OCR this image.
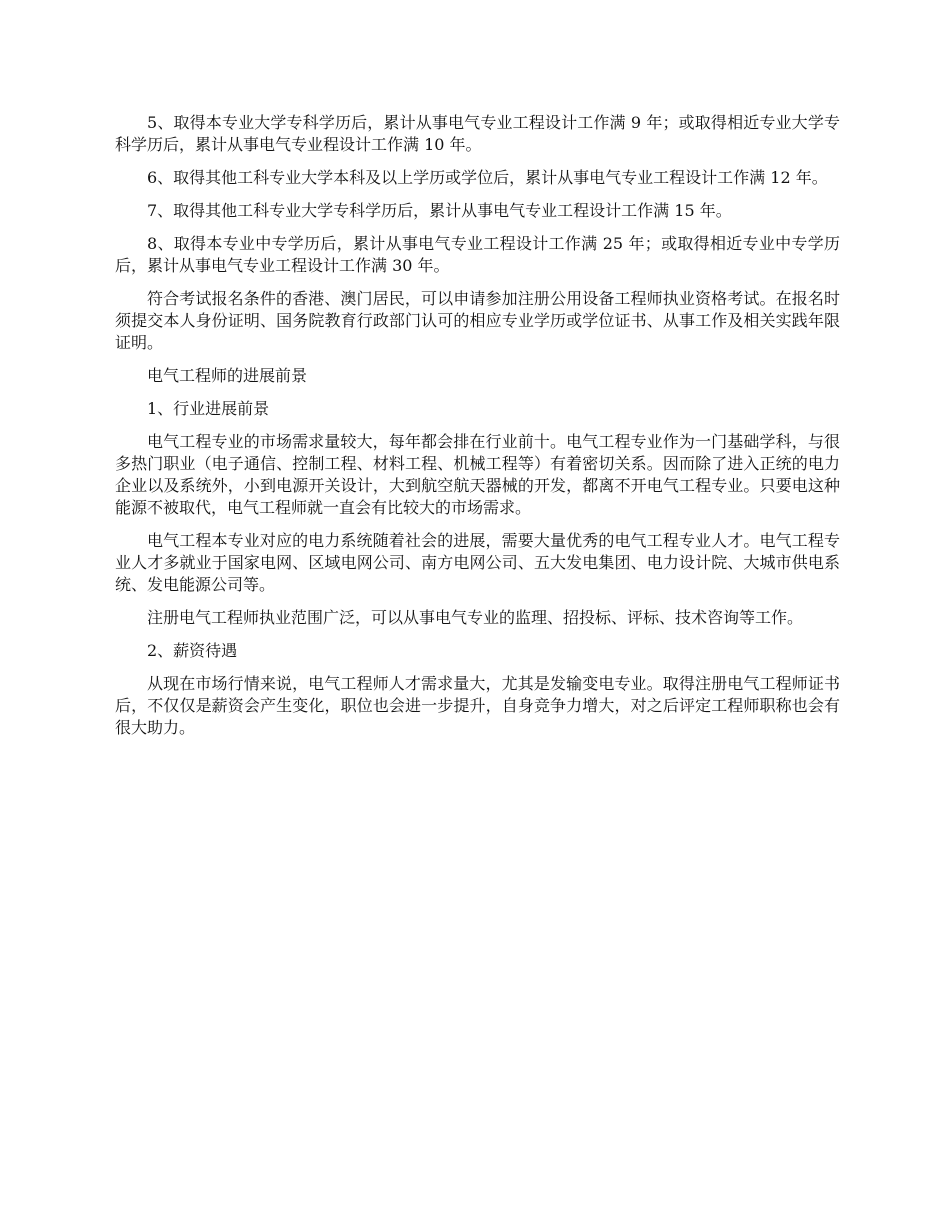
5、取得本专业大学专科学历后，累计从事电气专业工程设计工作满 9 年；或取得相近专业大学专科学历后，累计从事电气专业程设计工作满 10 年。

6、取得其他工科专业大学本科及以上学历或学位后，累计从事电气专业工程设计工作满 12 年。

7、取得其他工科专业大学专科学历后，累计从事电气专业工程设计工作满 15 年。

8、取得本专业中专学历后，累计从事电气专业工程设计工作满 25 年；或取得相近专业中专学历后，累计从事电气专业工程设计工作满 30 年。

符合考试报名条件的香港、澳门居民，可以申请参加注册公用设备工程师执业资格考试。在报名时须提交本人身份证明、国务院教育行政部门认可的相应专业学历或学位证书、从事工作及相关实践年限证明。

电气工程师的进展前景

1、行业进展前景

电气工程专业的市场需求量较大，每年都会排在行业前十。电气工程专业作为一门基础学科，与很多热门职业（电子通信、控制工程、材料工程、机械工程等）有着密切关系。因而除了进入正统的电力企业以及系统外，小到电源开关设计，大到航空航天器械的开发，都离不开电气工程专业。只要电这种能源不被取代，电气工程师就一直会有比较大的市场需求。

电气工程本专业对应的电力系统随着社会的进展，需要大量优秀的电气工程专业人才。电气工程专业人才多就业于国家电网、区域电网公司、南方电网公司、五大发电集团、电力设计院、大城市供电系统、发电能源公司等。

注册电气工程师执业范围广泛，可以从事电气专业的监理、招投标、评标、技术咨询等工作。

2、薪资待遇

从现在市场行情来说，电气工程师人才需求量大，尤其是发输变电专业。取得注册电气工程师证书后，不仅仅是薪资会产生变化，职位也会进一步提升，自身竞争力增大，对之后评定工程师职称也会有很大助力。
